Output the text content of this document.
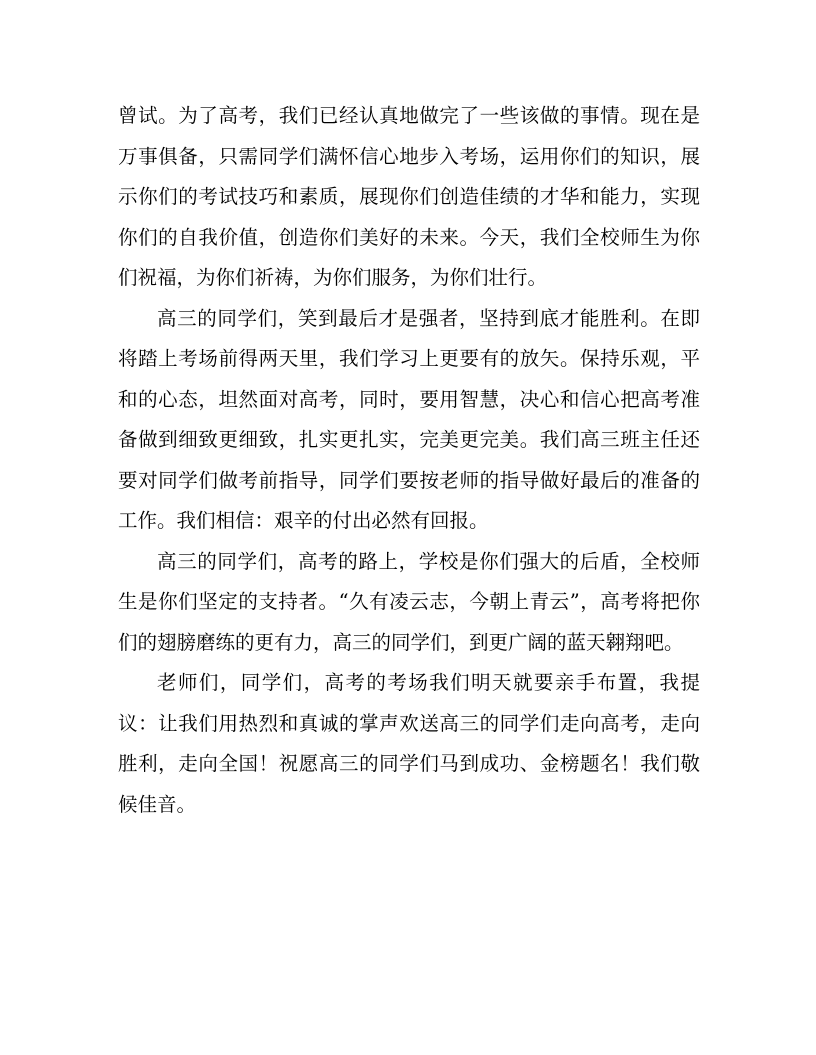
曾试。为了高考，我们已经认真地做完了一些该做的事情。现在是万事俱备，只需同学们满怀信心地步入考场，运用你们的知识，展示你们的考试技巧和素质，展现你们创造佳绩的才华和能力，实现你们的自我价值，创造你们美好的未来。今天，我们全校师生为你们祝福，为你们祈祷，为你们服务，为你们壮行。

高三的同学们，笑到最后才是强者，坚持到底才能胜利。在即将踏上考场前得两天里，我们学习上更要有的放矢。保持乐观，平和的心态，坦然面对高考，同时，要用智慧，决心和信心把高考准备做到细致更细致，扎实更扎实，完美更完美。我们高三班主任还要对同学们做考前指导，同学们要按老师的指导做好最后的准备的工作。我们相信：艰辛的付出必然有回报。

高三的同学们，高考的路上，学校是你们强大的后盾，全校师生是你们坚定的支持者。“久有凌云志，今朝上青云”，高考将把你们的翅膀磨练的更有力，高三的同学们，到更广阔的蓝天翱翔吧。

老师们，同学们，高考的考场我们明天就要亲手布置，我提议：让我们用热烈和真诚的掌声欢送高三的同学们走向高考，走向胜利，走向全国！祝愿高三的同学们马到成功、金榜题名！我们敬候佳音。
